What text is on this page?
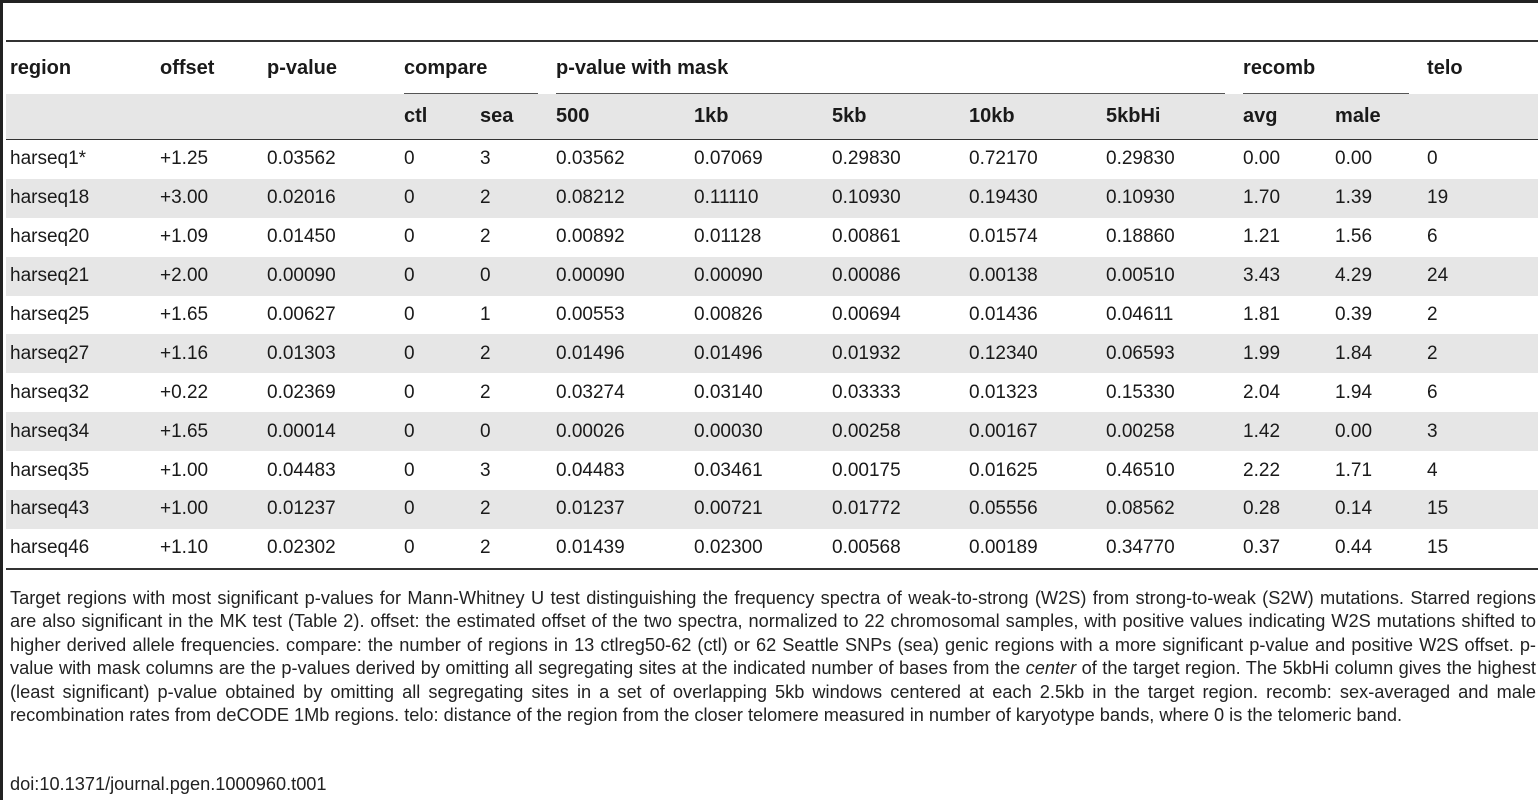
region	offset	p-value	compare		p-value with mask					recomb		telo
			ctl	sea	500	1kb	5kb	10kb	5kbHi	avg	male	
harseq1*	+1.25	0.03562	0	3	0.03562	0.07069	0.29830	0.72170	0.29830	0.00	0.00	0
harseq18	+3.00	0.02016	0	2	0.08212	0.11110	0.10930	0.19430	0.10930	1.70	1.39	19
harseq20	+1.09	0.01450	0	2	0.00892	0.01128	0.00861	0.01574	0.18860	1.21	1.56	6
harseq21	+2.00	0.00090	0	0	0.00090	0.00090	0.00086	0.00138	0.00510	3.43	4.29	24
harseq25	+1.65	0.00627	0	1	0.00553	0.00826	0.00694	0.01436	0.04611	1.81	0.39	2
harseq27	+1.16	0.01303	0	2	0.01496	0.01496	0.01932	0.12340	0.06593	1.99	1.84	2
harseq32	+0.22	0.02369	0	2	0.03274	0.03140	0.03333	0.01323	0.15330	2.04	1.94	6
harseq34	+1.65	0.00014	0	0	0.00026	0.00030	0.00258	0.00167	0.00258	1.42	0.00	3
harseq35	+1.00	0.04483	0	3	0.04483	0.03461	0.00175	0.01625	0.46510	2.22	1.71	4
harseq43	+1.00	0.01237	0	2	0.01237	0.00721	0.01772	0.05556	0.08562	0.28	0.14	15
harseq46	+1.10	0.02302	0	2	0.01439	0.02300	0.00568	0.00189	0.34770	0.37	0.44	15
Target regions with most significant p-values for Mann-Whitney U test distinguishing the frequency spectra of weak-to-strong (W2S) from strong-to-weak (S2W) mutations. Starred regions are also significant in the MK test (Table 2). offset: the estimated offset of the two spectra, normalized to 22 chromosomal samples, with positive values indicating W2S mutations shifted to higher derived allele frequencies. compare: the number of regions in 13 ctlreg50-62 (ctl) or 62 Seattle SNPs (sea) genic regions with a more significant p-value and positive W2S offset. p-value with mask columns are the p-values derived by omitting all segregating sites at the indicated number of bases from the center of the target region. The 5kbHi column gives the highest (least significant) p-value obtained by omitting all segregating sites in a set of overlapping 5kb windows centered at each 2.5kb in the target region. recomb: sex-averaged and male recombination rates from deCODE 1Mb regions. telo: distance of the region from the closer telomere measured in number of karyotype bands, where 0 is the telomeric band.
doi:10.1371/journal.pgen.1000960.t001
